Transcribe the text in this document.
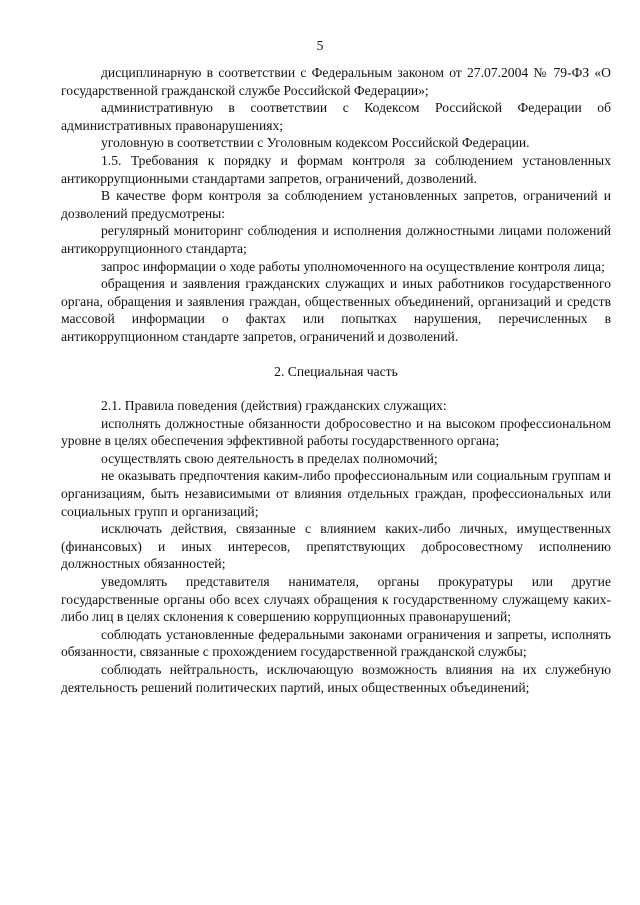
5

дисциплинарную в соответствии с Федеральным законом от 27.07.2004 № 79-ФЗ «О государственной гражданской службе Российской Федерации»;

административную в соответствии с Кодексом Российской Федерации об административных правонарушениях;

уголовную в соответствии с Уголовным кодексом Российской Федерации.

1.5. Требования к порядку и формам контроля за соблюдением установленных антикоррупционными стандартами запретов, ограничений, дозволений.

В качестве форм контроля за соблюдением установленных запретов, ограничений и дозволений предусмотрены:

регулярный мониторинг соблюдения и исполнения должностными лицами положений антикоррупционного стандарта;

запрос информации о ходе работы уполномоченного на осуществление контроля лица;

обращения и заявления гражданских служащих и иных работников государственного органа, обращения и заявления граждан, общественных объединений, организаций и средств массовой информации о фактах или попытках нарушения, перечисленных в антикоррупционном стандарте запретов, ограничений и дозволений.

2. Специальная часть

2.1. Правила поведения (действия) гражданских служащих:

исполнять должностные обязанности добросовестно и на высоком профессиональном уровне в целях обеспечения эффективной работы государственного органа;

осуществлять свою деятельность в пределах полномочий;

не оказывать предпочтения каким-либо профессиональным или социальным группам и организациям, быть независимыми от влияния отдельных граждан, профессиональных или социальных групп и организаций;

исключать действия, связанные с влиянием каких-либо личных, имущественных (финансовых) и иных интересов, препятствующих добросовестному исполнению должностных обязанностей;

уведомлять представителя нанимателя, органы прокуратуры или другие государственные органы обо всех случаях обращения к государственному служащему каких-либо лиц в целях склонения к совершению коррупционных правонарушений;

соблюдать установленные федеральными законами ограничения и запреты, исполнять обязанности, связанные с прохождением государственной гражданской службы;

соблюдать нейтральность, исключающую возможность влияния на их служебную деятельность решений политических партий, иных общественных объединений;
